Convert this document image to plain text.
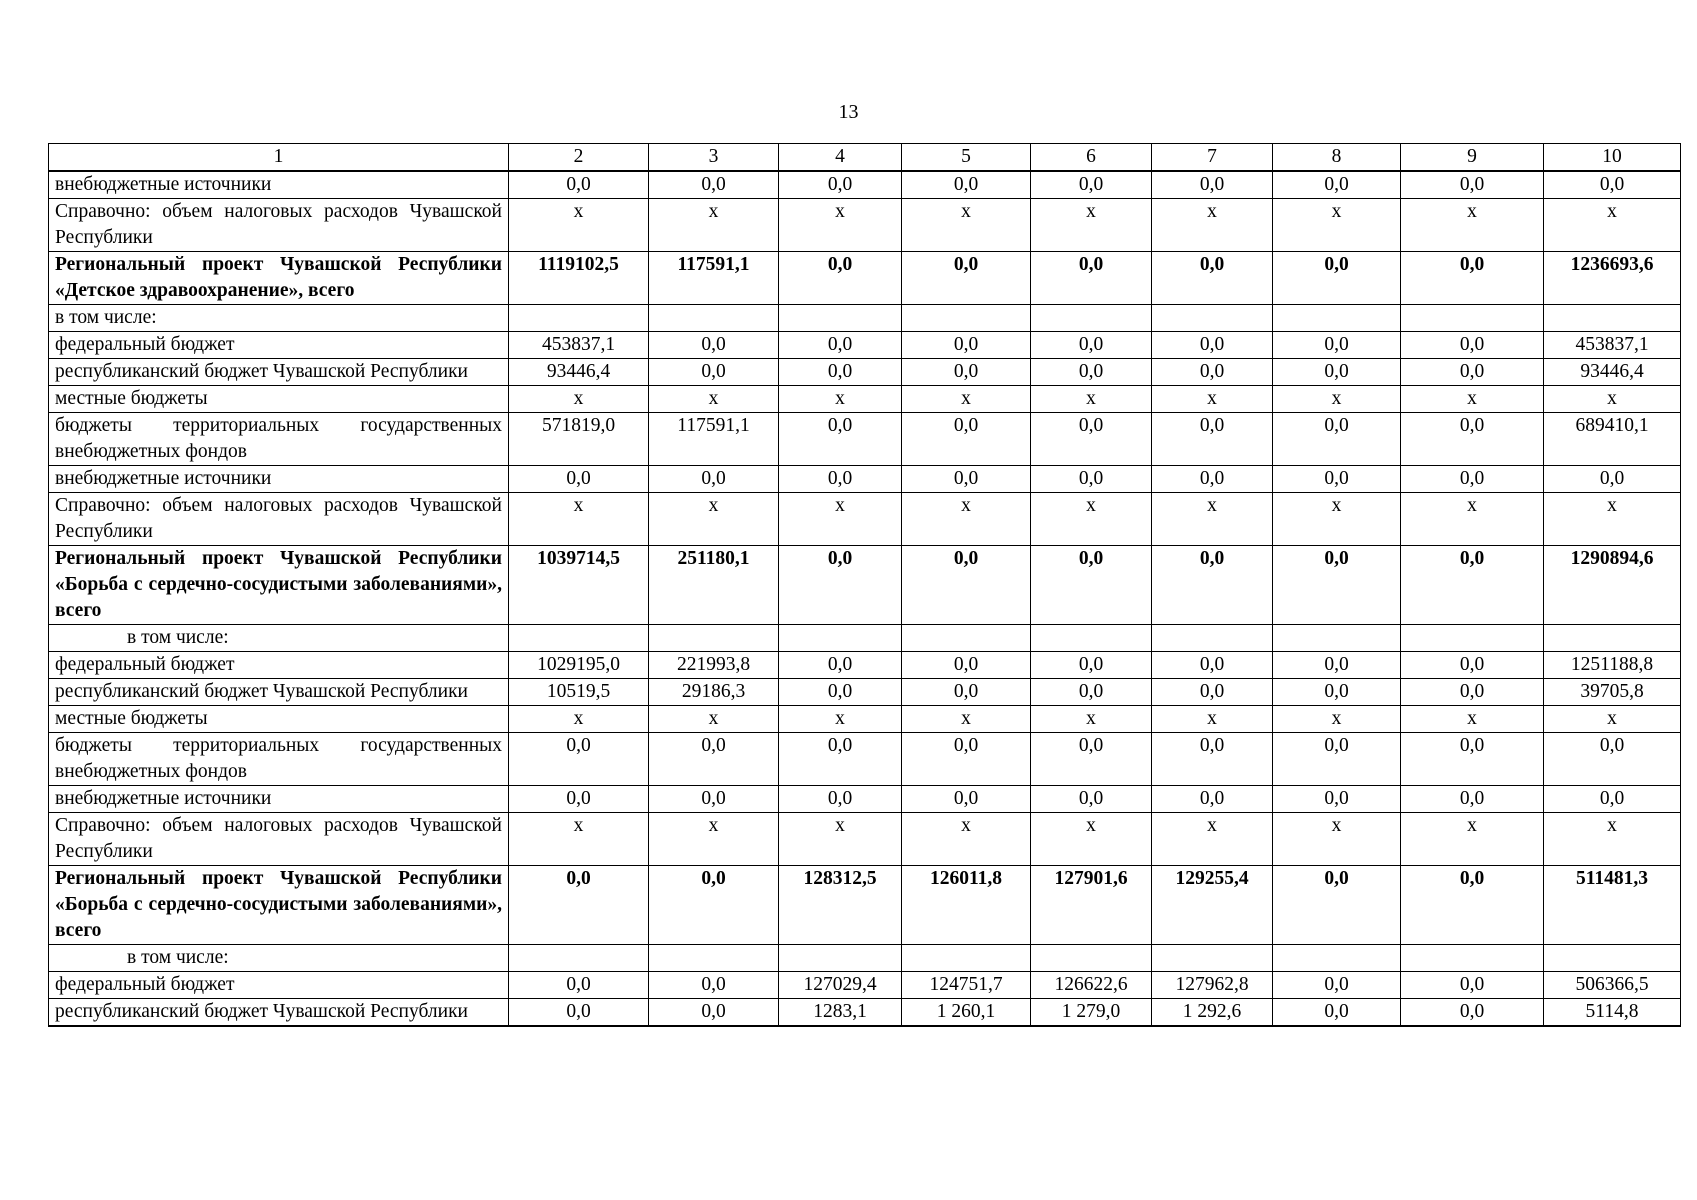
13
1	2	3	4	5	6	7	8	9	10
внебюджетные источники	0,0	0,0	0,0	0,0	0,0	0,0	0,0	0,0	0,0
Справочно: объем налоговых расходов Чувашской Республики	x	x	x	x	x	x	x	x	x
Региональный проект Чувашской Республики «Детское здравоохранение», всего	1119102,5	117591,1	0,0	0,0	0,0	0,0	0,0	0,0	1236693,6
в том числе:									
федеральный бюджет	453837,1	0,0	0,0	0,0	0,0	0,0	0,0	0,0	453837,1
республиканский бюджет Чувашской Республики	93446,4	0,0	0,0	0,0	0,0	0,0	0,0	0,0	93446,4
местные бюджеты	x	x	x	x	x	x	x	x	x
бюджеты территориальных государственных внебюджетных фондов	571819,0	117591,1	0,0	0,0	0,0	0,0	0,0	0,0	689410,1
внебюджетные источники	0,0	0,0	0,0	0,0	0,0	0,0	0,0	0,0	0,0
Справочно: объем налоговых расходов Чувашской Республики	x	x	x	x	x	x	x	x	x
Региональный проект Чувашской Республики «Борьба с сердечно-сосудистыми заболеваниями», всего	1039714,5	251180,1	0,0	0,0	0,0	0,0	0,0	0,0	1290894,6
в том числе:									
федеральный бюджет	1029195,0	221993,8	0,0	0,0	0,0	0,0	0,0	0,0	1251188,8
республиканский бюджет Чувашской Республики	10519,5	29186,3	0,0	0,0	0,0	0,0	0,0	0,0	39705,8
местные бюджеты	x	x	x	x	x	x	x	x	x
бюджеты территориальных государственных внебюджетных фондов	0,0	0,0	0,0	0,0	0,0	0,0	0,0	0,0	0,0
внебюджетные источники	0,0	0,0	0,0	0,0	0,0	0,0	0,0	0,0	0,0
Справочно: объем налоговых расходов Чувашской Республики	x	x	x	x	x	x	x	x	x
Региональный проект Чувашской Республики «Борьба с сердечно-сосудистыми заболеваниями», всего	0,0	0,0	128312,5	126011,8	127901,6	129255,4	0,0	0,0	511481,3
в том числе:									
федеральный бюджет	0,0	0,0	127029,4	124751,7	126622,6	127962,8	0,0	0,0	506366,5
республиканский бюджет Чувашской Республики	0,0	0,0	1283,1	1 260,1	1 279,0	1 292,6	0,0	0,0	5114,8
